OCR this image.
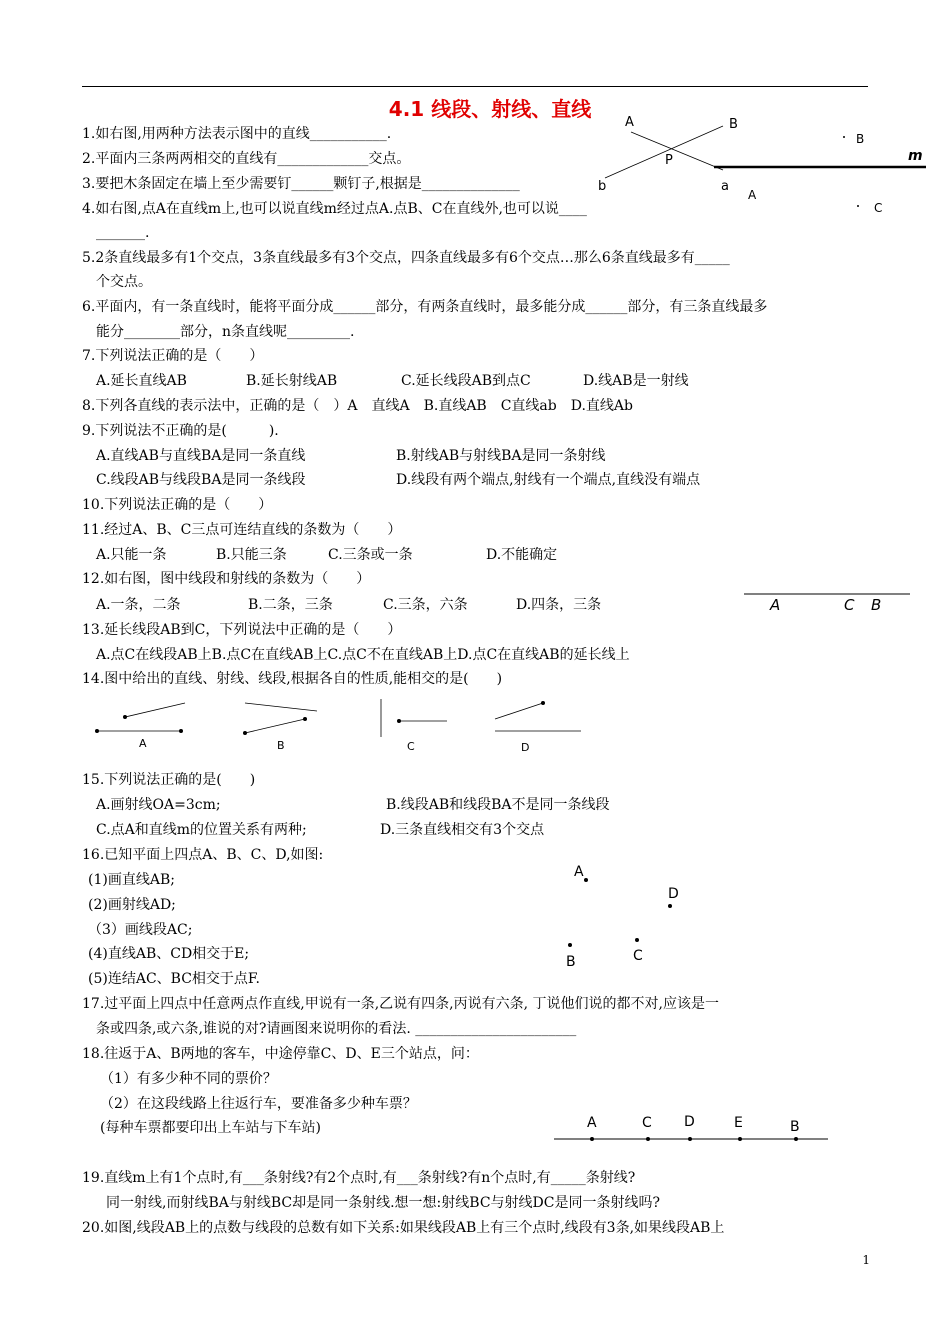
4.1 线段、射线、直线
1.如右图,用两种方法表示图中的直线___________.
2.平面内三条两两相交的直线有_____________交点。
3.要把木条固定在墙上至少需要钉______颗钉子,根据是______________
4.如右图,点A在直线m上,也可以说直线m经过点A.点B、C在直线外,也可以说____
_______.
5.2条直线最多有1个交点，3条直线最多有3个交点，四条直线最多有6个交点…那么6条直线最多有_____
个交点。
6.平面内，有一条直线时，能将平面分成______部分，有两条直线时，最多能分成______部分，有三条直线最多
能分________部分，n条直线呢_________.
7.下列说法正确的是（　　）
A.延长直线AB	B.延长射线AB	C.延长线段AB到点C	D.线AB是一射线
8.下列各直线的表示法中，正确的是（　）A　直线A　B.直线AB　C直线ab　D.直线Ab
9.下列说法不正确的是(　　　).
A.直线AB与直线BA是同一条直线	B.射线AB与射线BA是同一条射线
C.线段AB与线段BA是同一条线段	D.线段有两个端点,射线有一个端点,直线没有端点
10.下列说法正确的是（　　）
11.经过A、B、C三点可连结直线的条数为（　　）
A.只能一条	B.只能三条	C.三条或一条	D.不能确定
12.如右图，图中线段和射线的条数为（　　）
A.一条，二条	B.二条，三条	C.三条，六条	D.四条，三条
13.延长线段AB到C，下列说法中正确的是（　　）
A.点C在线段AB上B.点C在直线AB上C.点C不在直线AB上D.点C在直线AB的延长线上
14.图中给出的直线、射线、线段,根据各自的性质,能相交的是(　　)
15.下列说法正确的是(　　)
A.画射线OA=3cm;	B.线段AB和线段BA不是同一条线段
C.点A和直线m的位置关系有两种;	D.三条直线相交有3个交点
16.已知平面上四点A、B、C、D,如图:
(1)画直线AB;
(2)画射线AD;
（3）画线段AC;
(4)直线AB、CD相交于E;
(5)连结AC、BC相交于点F.
17.过平面上四点中任意两点作直线,甲说有一条,乙说有四条,丙说有六条, 丁说他们说的都不对,应该是一
条或四条,或六条,谁说的对?请画图来说明你的看法. _______________________
18.往返于A、B两地的客车，中途停靠C、D、E三个站点，问：
（1）有多少种不同的票价？
（2）在这段线路上往返行车，要准备多少种车票？
(每种车票都要印出上车站与下车站)
19.直线m上有1个点时,有___条射线?有2个点时,有___条射线?有n个点时,有_____条射线?
同一射线,而射线BA与射线BC却是同一条射线.想一想:射线BC与射线DC是同一条射线吗?
20.如图,线段AB上的点数与线段的总数有如下关系:如果线段AB上有三个点时,线段有3条,如果线段AB上
1
A	B
P
b	a
B
m
A
C
A	C B
A	B	C	D
A
D
B	C
A	C D	E	B
